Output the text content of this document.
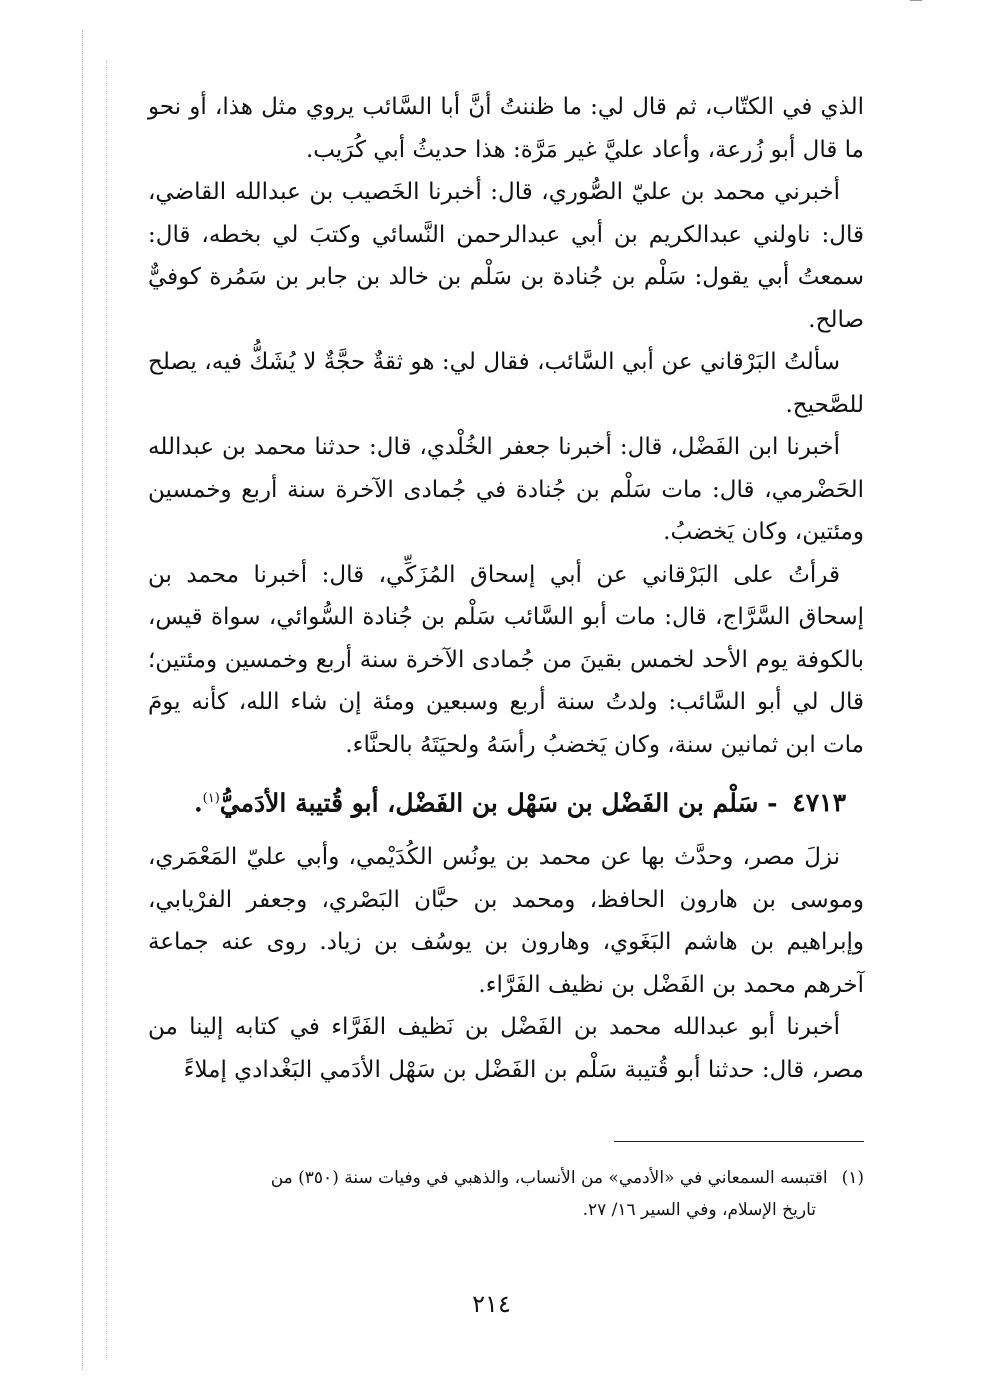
الذي في الكتّاب، ثم قال لي: ما ظننتُ أنَّ أبا السَّائب يروي مثل هذا، أو نحو ما قال أبو زُرعة، وأعاد عليَّ غير مَرَّة: هذا حديثُ أبي كُرَيب.

أخبرني محمد بن عليّ الصُّوري، قال: أخبرنا الخَصيب بن عبدالله القاضي، قال: ناولني عبدالكريم بن أبي عبدالرحمن النَّسائي وكتبَ لي بخطه، قال: سمعتُ أبي يقول: سَلْم بن جُنادة بن سَلْم بن خالد بن جابر بن سَمُرة كوفيٌّ صالح.

سألتُ البَرْقاني عن أبي السَّائب، فقال لي: هو ثقةٌ حجَّةٌ لا يُشَكُّ فيه، يصلح للصَّحيح.

أخبرنا ابن الفَضْل، قال: أخبرنا جعفر الخُلْدي، قال: حدثنا محمد بن عبدالله الحَضْرمي، قال: مات سَلْم بن جُنادة في جُمادى الآخرة سنة أربع وخمسين ومئتين، وكان يَخضبُ.

قرأتُ على البَرْقاني عن أبي إسحاق المُزَكِّي، قال: أخبرنا محمد بن إسحاق السَّرَّاج، قال: مات أبو السَّائب سَلْم بن جُنادة السُّوائي، سواة قيس، بالكوفة يوم الأحد لخمس بقينَ من جُمادى الآخرة سنة أربع وخمسين ومئتين؛ قال لي أبو السَّائب: ولدتُ سنة أربع وسبعين ومئة إن شاء الله، كأنه يومَ مات ابن ثمانين سنة، وكان يَخضبُ رأسَهُ ولحيَتَهُ بالحنَّاء.

٤٧١٣ - سَلْم بن الفَضْل بن سَهْل بن الفَضْل، أبو قُتيبة الأدَميُّ$^{(١)}$.

نزلَ مصر، وحدَّث بها عن محمد بن يونُس الكُدَيْمي، وأبي عليّ المَعْمَري، وموسى بن هارون الحافظ، ومحمد بن حبَّان البَصْري، وجعفر الفرْيابي، وإبراهيم بن هاشم البَغَوي، وهارون بن يوسُف بن زياد. روى عنه جماعة آخرهم محمد بن الفَضْل بن نظيف الفَرَّاء.

أخبرنا أبو عبدالله محمد بن الفَضْل بن نَظيف الفَرَّاء في كتابه إلينا من مصر، قال: حدثنا أبو قُتيبة سَلْم بن الفَضْل بن سَهْل الأدَمي البَغْدادي إملاءً

(١)اقتبسه السمعاني في «الأدمي» من الأنساب، والذهبي في وفيات سنة (٣٥٠) من
تاريخ الإسلام، وفي السير ١٦/ ٢٧.
٢١٤
